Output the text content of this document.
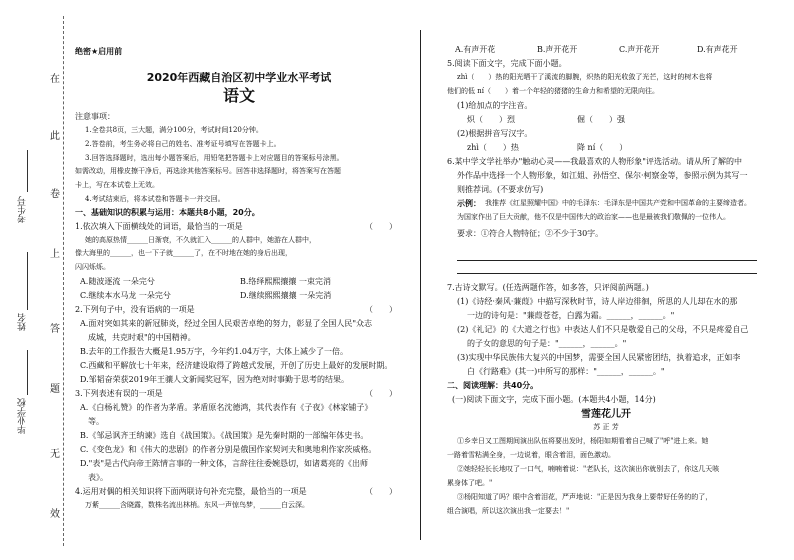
在
此
卷
上
答
题
无
效
考生号
姓名
毕业学校
绝密★启用前
2020年西藏自治区初中学业水平考试
语文
注意事项：
1.全卷共8页，三大题，满分100分，考试时间120分钟。
2.答卷前，考生务必将自己的姓名、准考证号填写在答题卡上。
3.回答选择题时，选出每小题答案后，用铅笔把答题卡上对应题目的答案标号涂黑。
如需改动，用橡皮擦干净后，再选涂其他答案标号。回答非选择题时，将答案写在答题
卡上，写在本试卷上无效。
4.考试结束后，将本试卷和答题卡一并交回。
一、基础知识的积累与运用：本题共8小题，20分。
1.依次填入下面横线处的词语，最恰当的一项是	（　　）
她的高原热情______日渐衰，不久就汇入______的人群中，她游在人群中，
像大海里的______，也一下子就______了，在不时地在她的身后出现，
闪闪烁烁。
A.随波逐流 一朵完兮	B.络绎熙熙攘攘 一束完消
C.继续本水马龙 一朵完兮	D.继续熙熙攘攘 一朵完消
2.下列句子中，没有语病的一项是	（　　）
A.面对突如其来的新冠肺炎，经过全国人民艰苦卓绝的努力，彰显了全国人民"众志
　成城，共克时艰"的中国精神。
B.去年的工作报告大概是1.95万字，今年约1.04万字，大体上减少了一倍。
C.西藏和平解放七十年来，经济建设取得了跨越式发展，开创了历史上最好的发展时期。
D.邹韬奋荣获2019年王骧人文新闻奖冠军，因为绝对时事勤于思考的结果。
3.下列表述有误的一项是	（　　）
A.《白杨礼赞》的作者为茅盾。茅盾原名沈德鸿，其代表作有《子夜》《林家铺子》
　等。
B.《邹忌讽齐王纳谏》选自《战国策》。《战国策》是先秦时期的一部编年体史书。
C.《变色龙》和《伟大的悲剧》的作者分别是俄国作家契诃夫和奥地利作家茨威格。
D."表"是古代向帝王陈情言事的一种文体，言辞往往委婉恳切，如诸葛亮的《出师
　表》。
4.运用对偶的相关知识将下面两联诗句补充完整，最恰当的一项是	（　　）
万紫______含晓露，数株名流出林梢。东风一声惊鸟梦，______白云深。
A.有声开花	B.声开花开	C.声开花开	D.有声花开
5.阅读下面文字，完成下面小题。
zhì（　　）热的阳光晒干了溪流的脚腕，炽热的阳光收敛了光芒，这时的树木也将
他们的低 ní（　　）着一个年轻的猪猪的生命力和希望的无限向往。
(1)给加点的字注音。
炽（　　）烈	倔（　　）强
(2)根据拼音写汉字。
zhì（　　）热	降 ní（　　）
6.某中学文学社举办"触动心灵——我最喜欢的人物形象"评选活动。请从所了解的中
外作品中选择一个人物形象，如江姐、孙悟空、保尔·柯察金等，参照示例为其写一
则推荐词。(不要求仿写)
示例： 我推荐《红星照耀中国》中的毛泽东：毛泽东是中国共产党和中国革命的主要缔造者。
为国家作出了巨大贡献，他不仅是中国伟大的政治家——也是最被我们敬佩的一位伟人。
要求：①符合人物特征；②不少于30字。
7.古诗文默写。(任选两题作答，如多答，只评阅前两题。)
(1)《诗经·秦风·蒹葭》中描写深秋时节，诗人岸边徘徊，所思的人儿却在水的那
一边的诗句是："蒹葭苍苍，白露为霜。______，______。"
(2)《礼记》的《大道之行也》中表达人们不只是敬爱自己的父母，不只是疼爱自己
的子女的意思的句子是："______，______。"
(3)实现中华民族伟大复兴的中国梦，需要全国人民紧密团结，执着追求，正如李
白《行路难》(其一)中所写的那样："______，______。"
二、阅读理解：共40分。
(一)阅读下面文字，完成下面小题。(本题共4小题，14分)
雪莲花儿开
苏 正 芳
①乡幸日又工图期间演出队伍将要出发时，杨阳如期看着自己喊了"呼"进上来。她
一路着雪粘满全身，一边说着，眼含着泪，面色激动。
②她轻轻长长地叹了一口气，喃喃着说："老队长，这次演出你就别去了，你这几天咳
累身体了吧。"
③杨阳知道了吗？眼中含着泪花，严声地说："正是因为我身上要带好任务的的了，
组合演唱，所以这次演出我一定要去！"
